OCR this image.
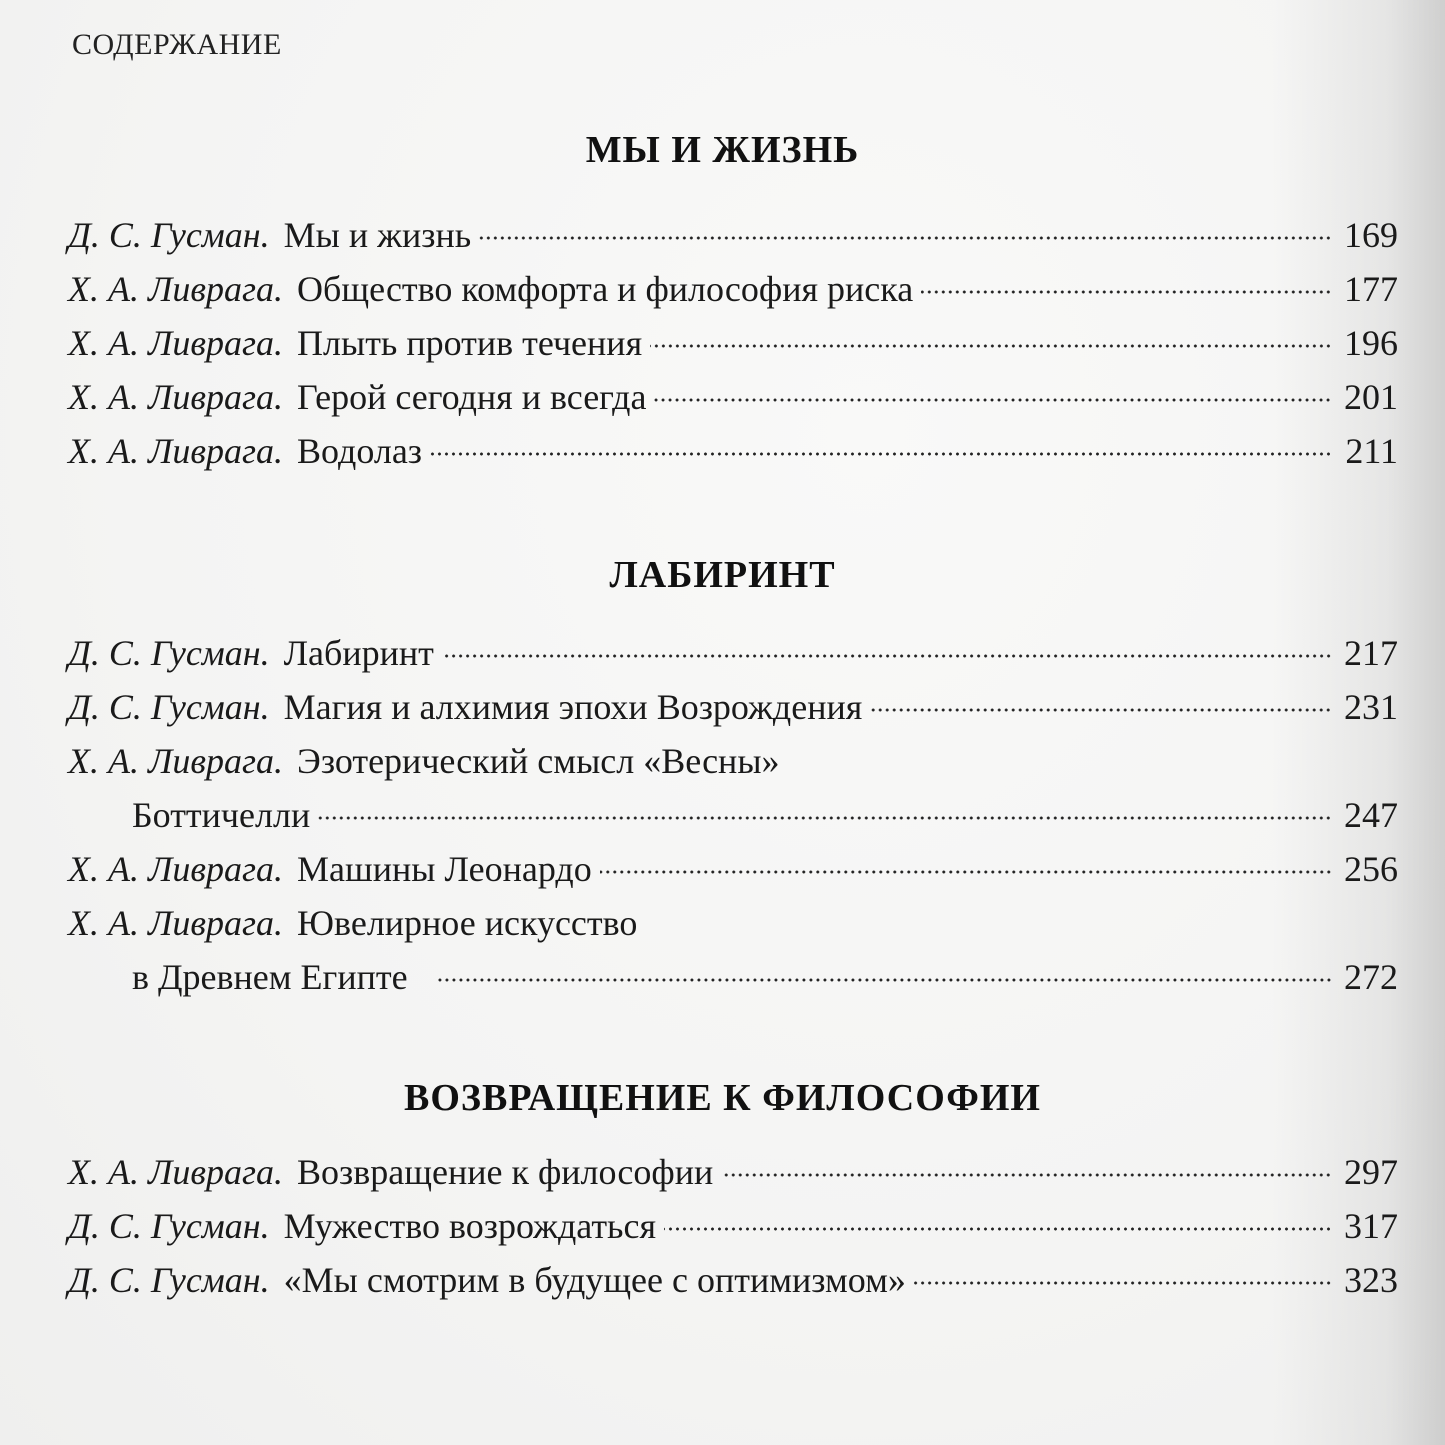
СОДЕРЖАНИЕ
МЫ И ЖИЗНЬ
Д. С. Гусман. Мы и жизнь	169
Х. А. Ливрага. Общество комфорта и философия риска	177
Х. А. Ливрага. Плыть против течения	196
Х. А. Ливрага. Герой сегодня и всегда	201
Х. А. Ливрага. Водолаз	211
ЛАБИРИНТ
Д. С. Гусман. Лабиринт	217
Д. С. Гусман. Магия и алхимия эпохи Возрождения	231
Х. А. Ливрага. Эзотерический смысл «Весны»
Боттичелли	247
Х. А. Ливрага. Машины Леонардо	256
Х. А. Ливрага. Ювелирное искусство
в Древнем Египте	272
ВОЗВРАЩЕНИЕ К ФИЛОСОФИИ
Х. А. Ливрага. Возвращение к философии	297
Д. С. Гусман. Мужество возрождаться	317
Д. С. Гусман. «Мы смотрим в будущее с оптимизмом»	323
